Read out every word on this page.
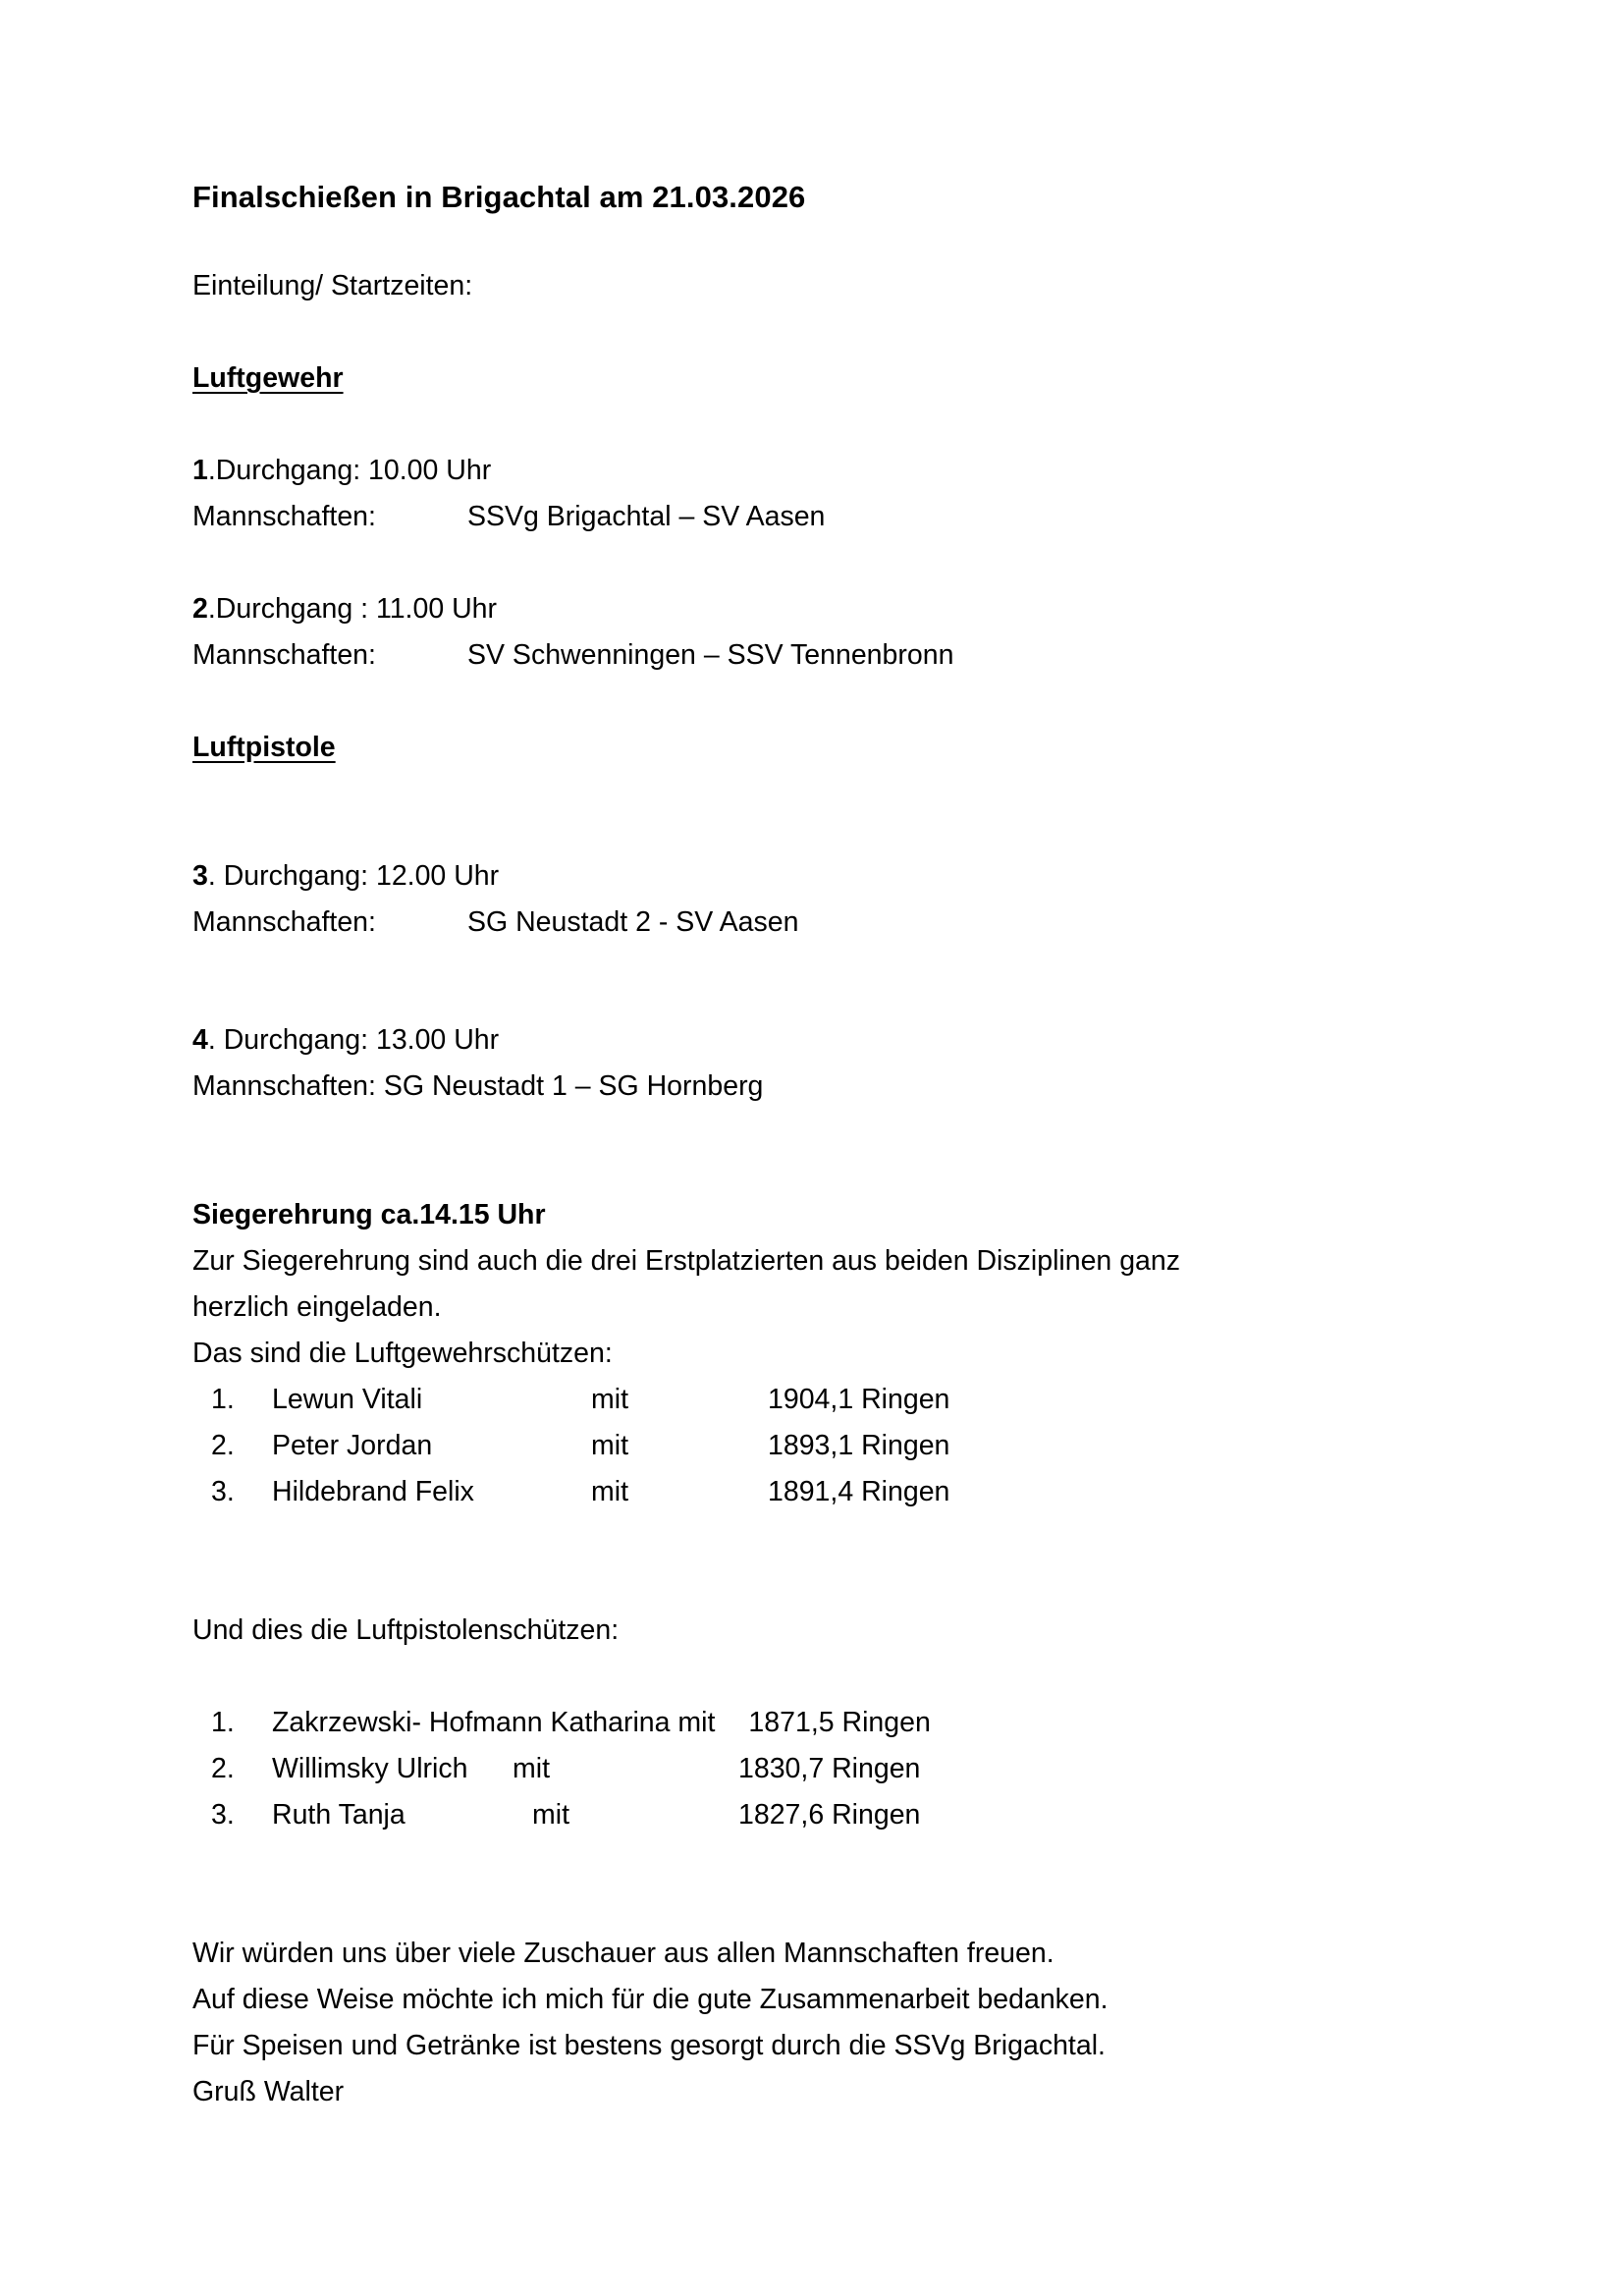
Finalschießen in Brigachtal am 21.03.2026

Einteilung/ Startzeiten:

Luftgewehr

1.Durchgang: 10.00 Uhr

Mannschaften:	SSVg Brigachtal – SV Aasen

2.Durchgang : 11.00 Uhr

Mannschaften:	SV Schwenningen – SSV Tennenbronn

Luftpistole

3. Durchgang: 12.00 Uhr

Mannschaften:	SG Neustadt 2 - SV Aasen

4. Durchgang: 13.00 Uhr

Mannschaften: SG Neustadt 1 – SG Hornberg

Siegerehrung ca.14.15 Uhr

Zur Siegerehrung sind auch die drei Erstplatzierten aus beiden Disziplinen ganz

herzlich eingeladen.

Das sind die Luftgewehrschützen:

1. Lewun Vitali	mit	1904,1 Ringen
2. Peter Jordan	mit	1893,1 Ringen
3. Hildebrand Felix	mit	1891,4 Ringen

Und dies die Luftpistolenschützen:

1. Zakrzewski- Hofmann Katharina mit 1871,5 Ringen
2. Willimsky Ulrich mit	1830,7 Ringen
3. Ruth Tanja	mit	1827,6 Ringen

Wir würden uns über viele Zuschauer aus allen Mannschaften freuen.

Auf diese Weise möchte ich mich für die gute Zusammenarbeit bedanken.

Für Speisen und Getränke ist bestens gesorgt durch die SSVg Brigachtal.

Gruß Walter
